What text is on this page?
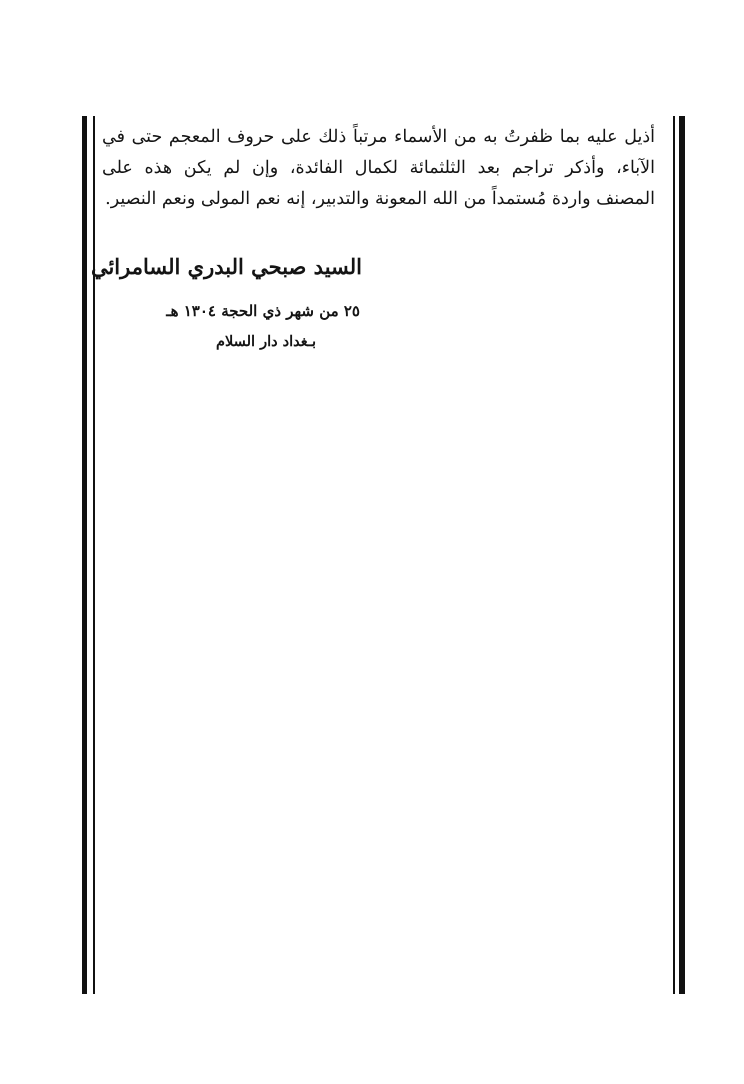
أذيل عليه بما ظفرتُ به من الأسماء مرتباً ذلك على حروف المعجم حتى في
الآباء، وأذكر تراجم بعد الثلثمائة لكمال الفائدة، وإن لم يكن هذه على
المصنف واردة مُستمداً من الله المعونة والتدبير، إنه نعم المولى ونعم النصير.
السيد صبحي البدري السامرائي
٢٥ من شهر ذي الحجة ١٣٠٤ هـ
بـغداد دار السلام
